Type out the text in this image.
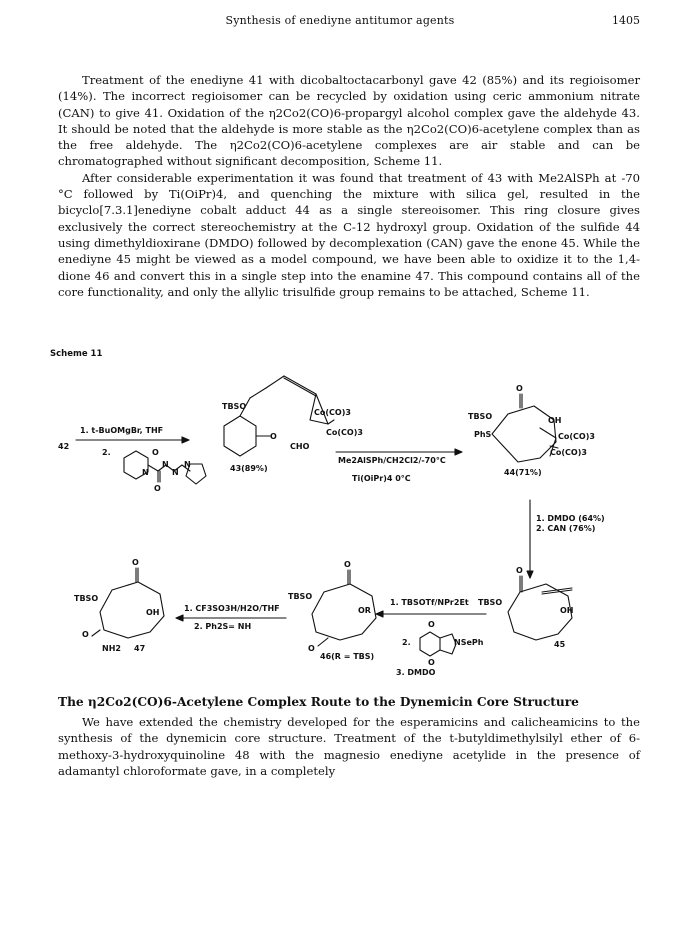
Synthesis of enediyne antitumor agents	1405

Treatment of the enediyne 41 with dicobaltoctacarbonyl gave 42 (85%) and its regioisomer (14%). The incorrect regioisomer can be recycled by oxidation using ceric ammonium nitrate (CAN) to give 41. Oxidation of the η2Co2(CO)6-propargyl alcohol complex gave the aldehyde 43. It should be noted that the aldehyde is more stable as the η2Co2(CO)6-acetylene complex than as the free aldehyde. The η2Co2(CO)6-acetylene complexes are air stable and can be chromatographed without significant decomposition, Scheme 11.

After considerable experimentation it was found that treatment of 43 with Me2AlSPh at -70 °C followed by Ti(OiPr)4, and quenching the mixture with silica gel, resulted in the bicyclo[7.3.1]enediyne cobalt adduct 44 as a single stereoisomer. This ring closure gives exclusively the correct stereochemistry at the C-12 hydroxyl group. Oxidation of the sulfide 44 using dimethyldioxirane (DMDO) followed by decomplexation (CAN) gave the enone 45. While the enediyne 45 might be viewed as a model compound, we have been able to oxidize it to the 1,4-dione 46 and convert this in a single step into the enamine 47. This compound contains all of the core functionality, and only the allylic trisulfide group remains to be attached, Scheme 11.

Scheme 11
42
1. t-BuOMgBr, THF
2.	O
N
N
N
N
O
TBSO
O
CHO
Co(CO)3
Co(CO)3
43(89%)
Me2AlSPh/CH2Cl2/-70°C
Ti(OiPr)4 0°C
O
TBSO
PhS
OH
Co(CO)3
Co(CO)3
44(71%)
1. DMDO (64%)
2. CAN (76%)
O
TBSO
OH
45
1. TBSOTf/NPr2Et
O
2.	NSePh
O
3. DMDO
O
TBSO
OR
O
46(R = TBS)
1. CF3SO3H/H2O/THF
2. Ph2S= NH
O
TBSO
OH
O
NH2 47
The η2Co2(CO)6-Acetylene Complex Route to the Dynemicin Core Structure

We have extended the chemistry developed for the esperamicins and calicheamicins to the synthesis of the dynemicin core structure. Treatment of the t-butyldimethylsilyl ether of 6-methoxy-3-hydroxyquinoline 48 with the magnesio enediyne acetylide in the presence of adamantyl chloroformate gave, in a completely
